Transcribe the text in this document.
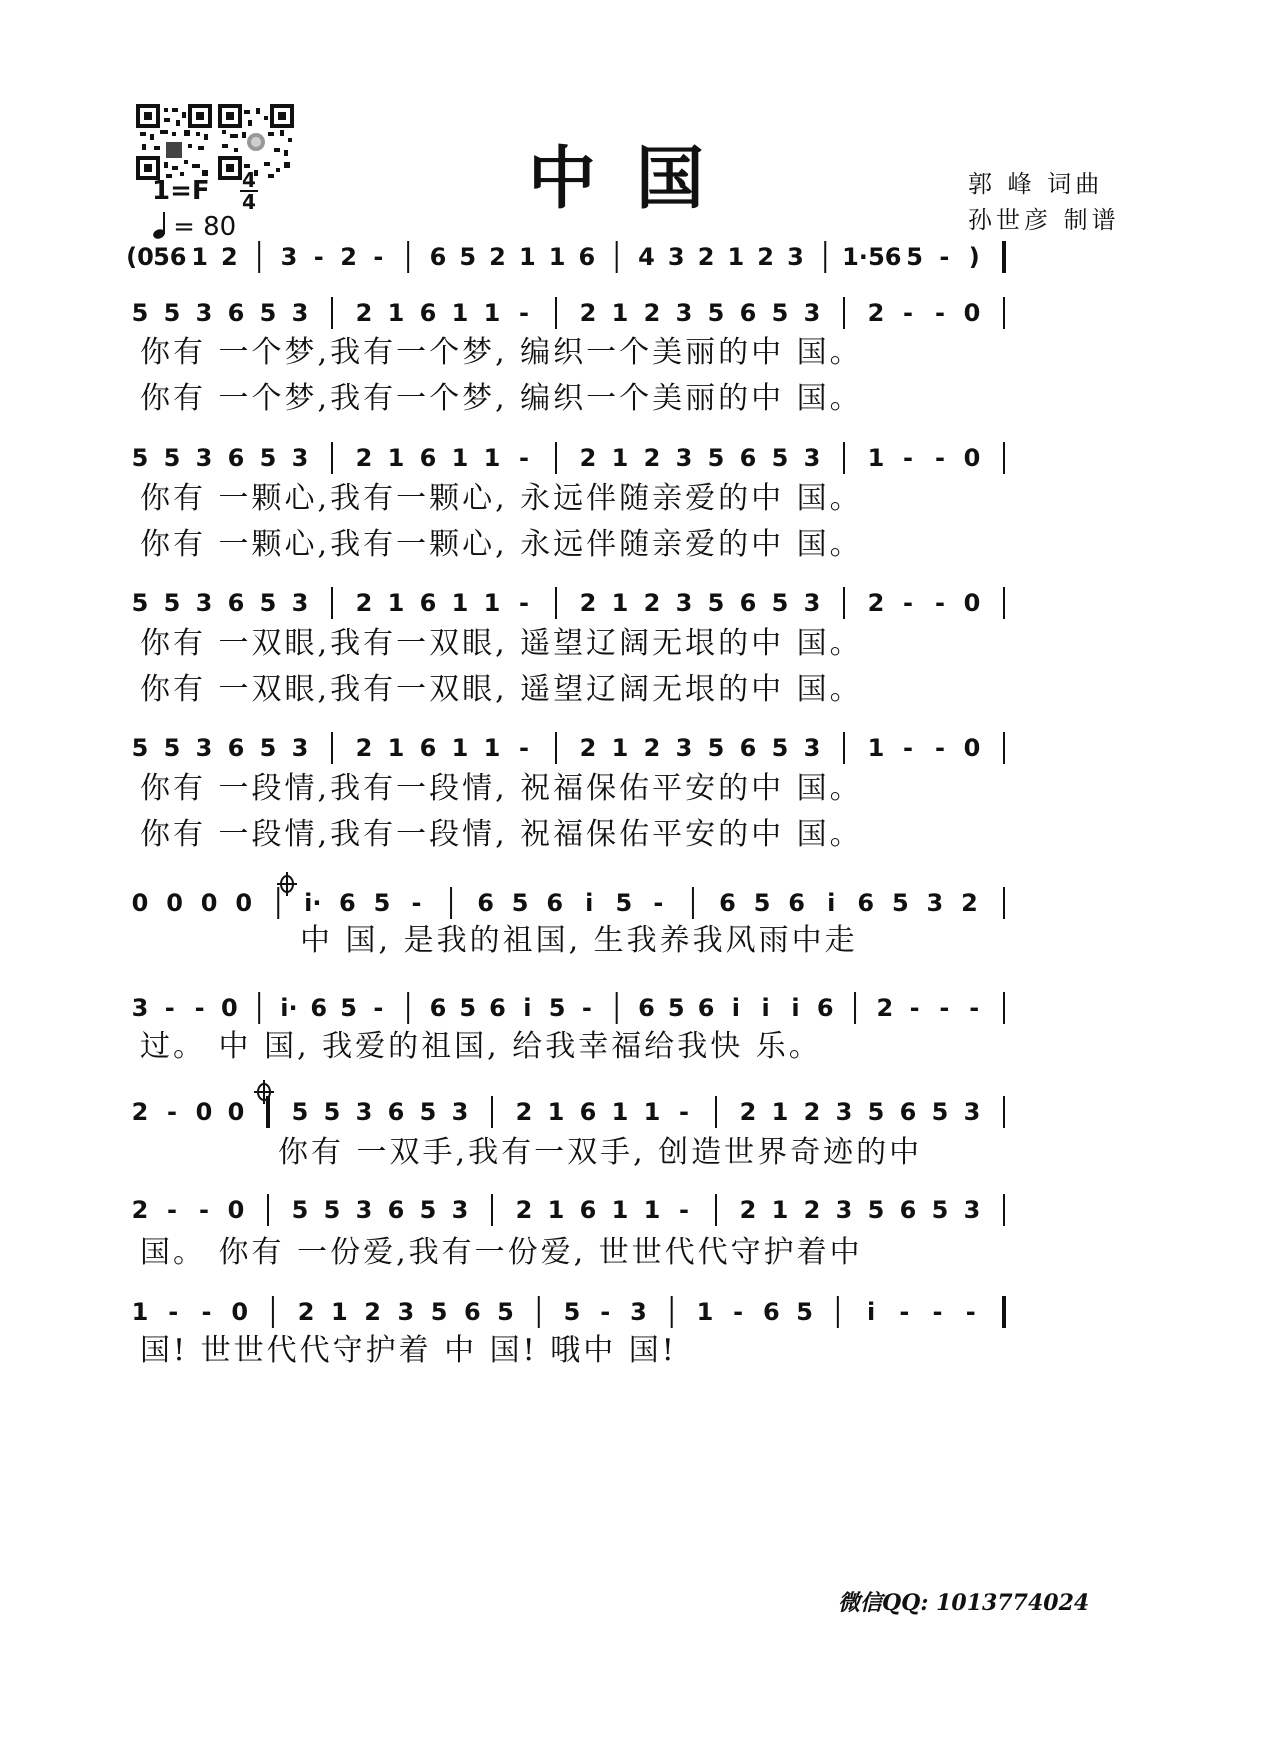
中国	郭 峰 词曲
孙世彦 制谱
1=F 4
4
= 80
(0 56 1 2 3 - 2 - 6 5 2 1 1 6 4 3 2 1 2 3 1· 56 5 - )
5 5 3 6 5 3 2 1 6 1 1 - 2 1 2 3 5 6 5 3 2 - - 0
你有 一个梦,我有一个梦, 编织一个美丽的中 国。
你有 一个梦,我有一个梦, 编织一个美丽的中 国。
5 5 3 6 5 3 2 1 6 1 1 - 2 1 2 3 5 6 5 3 1 - - 0
你有 一颗心,我有一颗心, 永远伴随亲爱的中 国。
你有 一颗心,我有一颗心, 永远伴随亲爱的中 国。
5 5 3 6 5 3 2 1 6 1 1 - 2 1 2 3 5 6 5 3 2 - - 0
你有 一双眼,我有一双眼, 遥望辽阔无垠的中 国。
你有 一双眼,我有一双眼, 遥望辽阔无垠的中 国。
5 5 3 6 5 3 2 1 6 1 1 - 2 1 2 3 5 6 5 3 1 - - 0
你有 一段情,我有一段情, 祝福保佑平安的中 国。
你有 一段情,我有一段情, 祝福保佑平安的中 国。
0 0 0 0 i· 6 5 - 6 5 6 i 5 - 6 5 6 i 6 5 3 2
中 国, 是我的祖国, 生我养我风雨中走
3 - - 0 i· 6 5 - 6 5 6 i 5 - 6 5 6 i i i 6 2 - - -
过。 中 国, 我爱的祖国, 给我幸福给我快 乐。
2 - 0 0 5 5 3 6 5 3 2 1 6 1 1 - 2 1 2 3 5 6 5 3
你有 一双手,我有一双手, 创造世界奇迹的中
2 - - 0 5 5 3 6 5 3 2 1 6 1 1 - 2 1 2 3 5 6 5 3
国。 你有 一份爱,我有一份爱, 世世代代守护着中
1 - - 0 2 1 2 3 5 6 5 5 - 3 1 - 6 5 i - - -
国! 世世代代守护着 中 国! 哦中 国!
微信QQ: 1013774024
